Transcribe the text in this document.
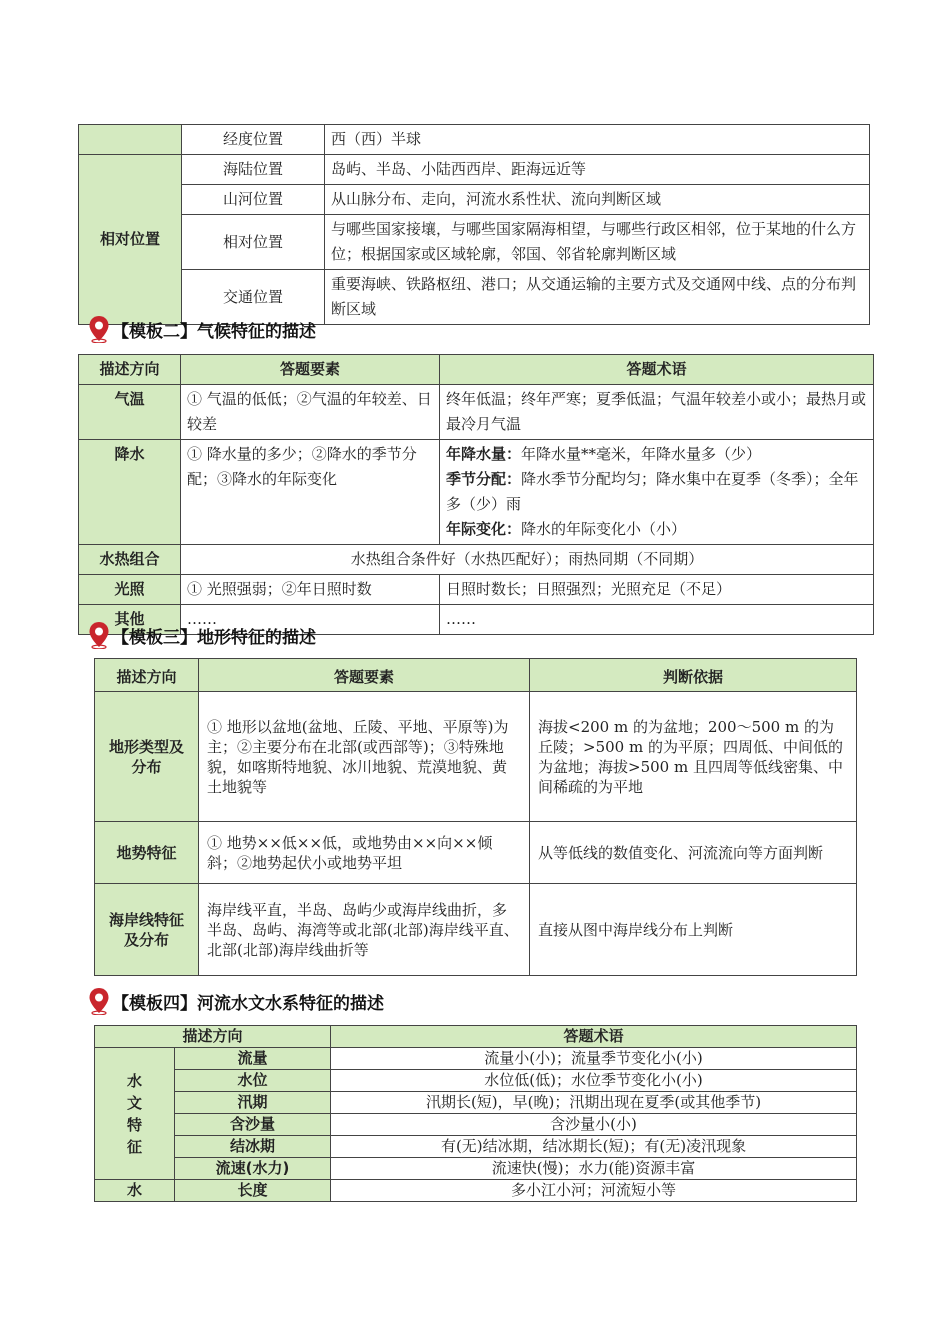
	经度位置	西（西）半球
相对位置	海陆位置	岛屿、半岛、小陆西西岸、距海远近等
	山河位置	从山脉分布、走向，河流水系性状、流向判断区域
	相对位置	与哪些国家接壤，与哪些国家隔海相望，与哪些行政区相邻，位于某地的什么方位；根据国家或区域轮廓，邻国、邻省轮廓判断区域
	交通位置	重要海峡、铁路枢纽、港口；从交通运输的主要方式及交通网中线、点的分布判断区域
【模板二】气候特征的描述
描述方向	答题要素	答题术语
气温	① 气温的低低；②气温的年较差、日较差	终年低温；终年严寒；夏季低温；气温年较差小或小；最热月或最冷月气温
降水	① 降水量的多少；②降水的季节分配；③降水的年际变化	年降水量：年降水量**毫米，年降水量多（少）
季节分配：降水季节分配均匀；降水集中在夏季（冬季）；全年多（少）雨
年际变化：降水的年际变化小（小）

水热组合	水热组合条件好（水热匹配好）；雨热同期（不同期）	
光照	① 光照强弱；②年日照时数	日照时数长；日照强烈；光照充足（不足）
其他	……	……
【模板三】地形特征的描述
描述方向	答题要素	判断依据
地形类型及分布	① 地形以盆地(盆地、丘陵、平地、平原等)为主；②主要分布在北部(或西部等)；③特殊地貌，如喀斯特地貌、冰川地貌、荒漠地貌、黄土地貌等	海拔<200 m 的为盆地；200～500 m 的为丘陵；>500 m 的为平原；四周低、中间低的为盆地；海拔>500 m 且四周等低线密集、中间稀疏的为平地
地势特征	① 地势××低××低，或地势由××向××倾斜；②地势起伏小或地势平坦	从等低线的数值变化、河流流向等方面判断
海岸线特征及分布	海岸线平直，半岛、岛屿少或海岸线曲折，多半岛、岛屿、海湾等或北部(北部)海岸线平直、北部(北部)海岸线曲折等	直接从图中海岸线分布上判断
【模板四】河流水文水系特征的描述
描述方向		答题术语

水文特征	流量	流量小(小)；流量季节变化小(小)
	水位	水位低(低)；水位季节变化小(小)
	汛期	汛期长(短)，早(晚)；汛期出现在夏季(或其他季节)
	含沙量	含沙量小(小)
	结冰期	有(无)结冰期，结冰期长(短)；有(无)凌汛现象
	流速(水力)	流速快(慢)；水力(能)资源丰富
水	长度	多小江小河；河流短小等
